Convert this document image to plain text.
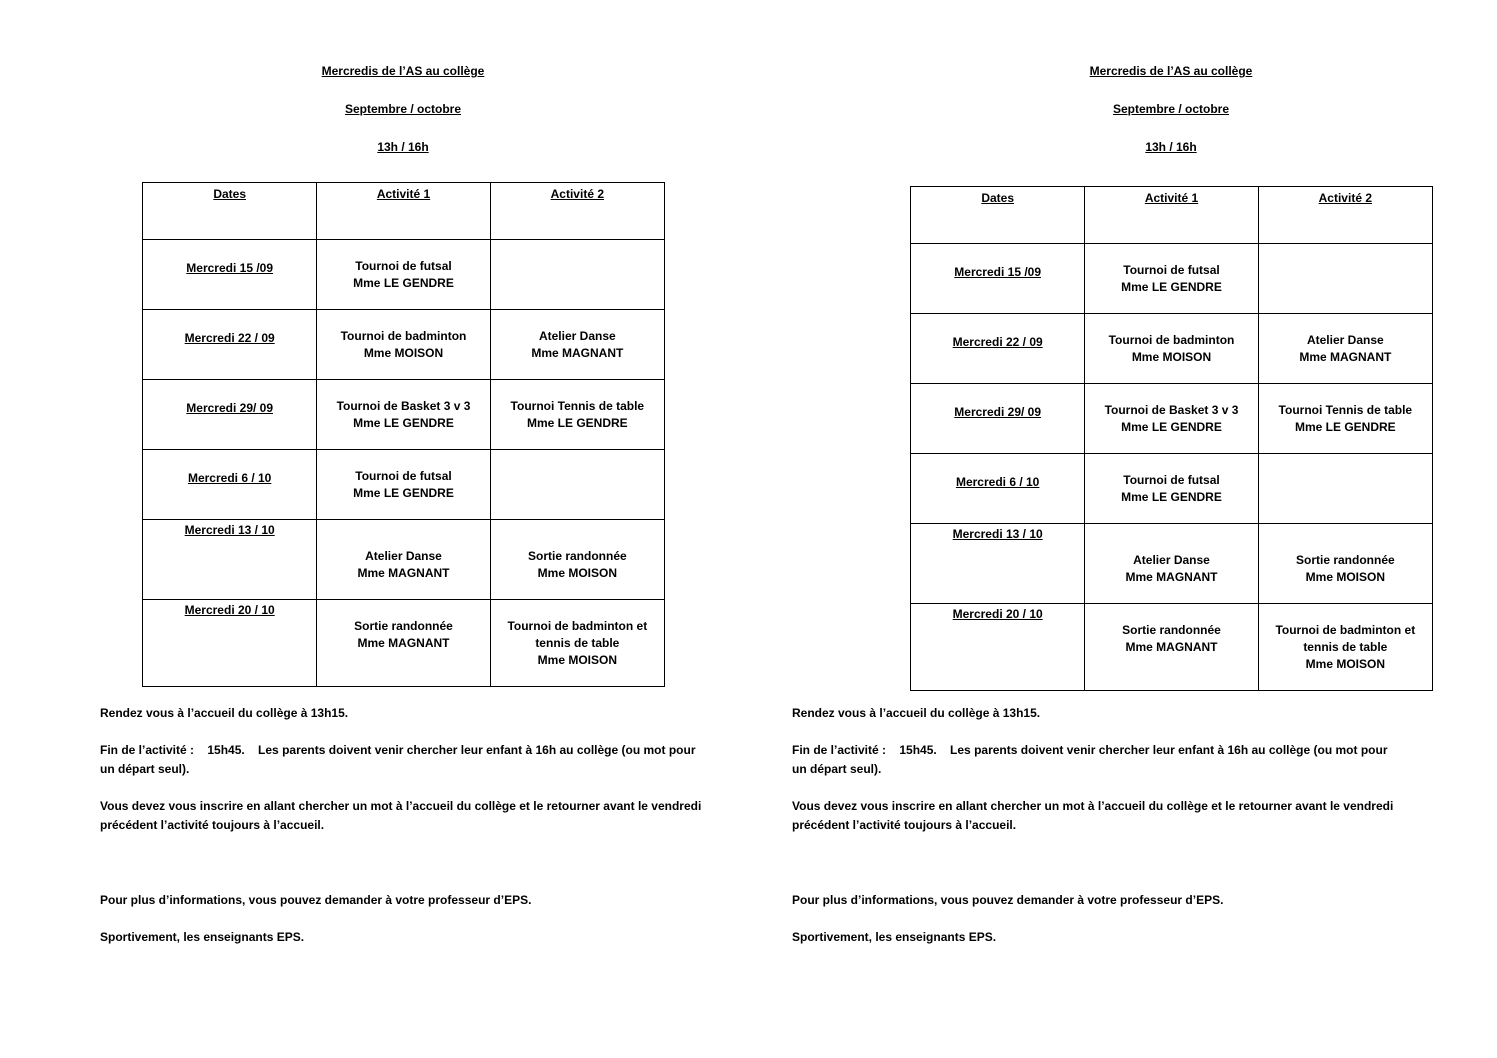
Mercredis de l’AS au collège
Septembre / octobre
13h / 16h
Dates	Activité 1	Activité 2
Mercredi 15 /09	Tournoi de futsal
Mme LE GENDRE	

Mercredi 22 / 09	Tournoi de badminton
Mme MOISON	Atelier Danse
Mme MAGNANT

Mercredi 29/ 09	Tournoi de Basket 3 v 3
Mme LE GENDRE	Tournoi Tennis de table
Mme LE GENDRE

Mercredi 6 / 10	Tournoi de futsal
Mme LE GENDRE	

Mercredi 13 / 10	Atelier Danse
Mme MAGNANT	Sortie randonnée
Mme MOISON

Mercredi 20 / 10	Sortie randonnée
Mme MAGNANT	Tournoi de badminton et
tennis de table
Mme MOISON

Rendez vous à l’accueil du collège à 13h15.

Fin de l’activité :    15h45.    Les parents doivent venir chercher leur enfant à 16h au collège (ou mot pour
un départ seul).

Vous devez vous inscrire en allant chercher un mot à l’accueil du collège et le retourner avant le vendredi
précédent l’activité toujours à l’accueil.

Pour plus d’informations, vous pouvez demander à votre professeur d’EPS.

Sportivement, les enseignants EPS.

Mercredis de l’AS au collège
Septembre / octobre
13h / 16h
Dates	Activité 1	Activité 2
Mercredi 15 /09	Tournoi de futsal
Mme LE GENDRE	

Mercredi 22 / 09	Tournoi de badminton
Mme MOISON	Atelier Danse
Mme MAGNANT

Mercredi 29/ 09	Tournoi de Basket 3 v 3
Mme LE GENDRE	Tournoi Tennis de table
Mme LE GENDRE

Mercredi 6 / 10	Tournoi de futsal
Mme LE GENDRE	

Mercredi 13 / 10	Atelier Danse
Mme MAGNANT	Sortie randonnée
Mme MOISON

Mercredi 20 / 10	Sortie randonnée
Mme MAGNANT	Tournoi de badminton et
tennis de table
Mme MOISON

Rendez vous à l’accueil du collège à 13h15.

Fin de l’activité :    15h45.    Les parents doivent venir chercher leur enfant à 16h au collège (ou mot pour
un départ seul).

Vous devez vous inscrire en allant chercher un mot à l’accueil du collège et le retourner avant le vendredi
précédent l’activité toujours à l’accueil.

Pour plus d’informations, vous pouvez demander à votre professeur d’EPS.

Sportivement, les enseignants EPS.
